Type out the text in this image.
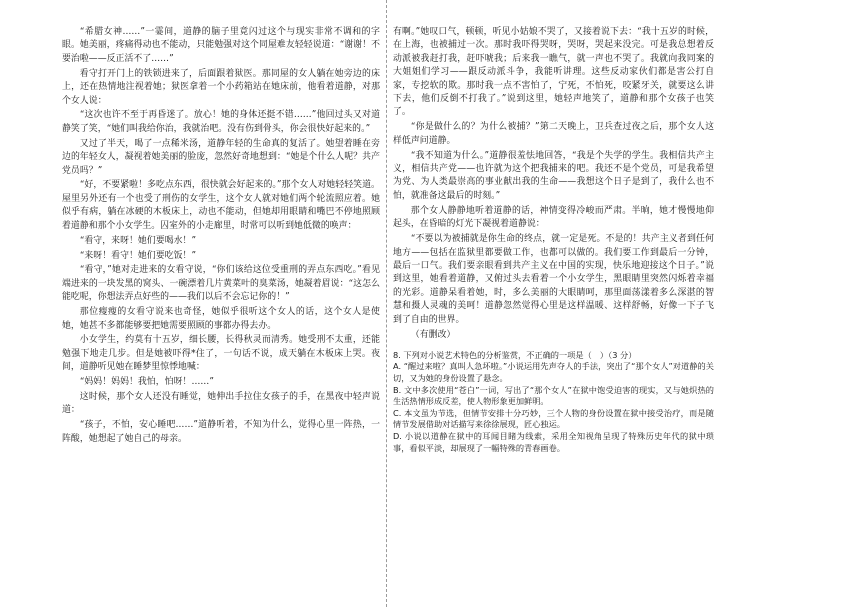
“希腊女神……”一霎间，道静的脑子里竟闪过这个与现实非常不调和的字眼。她美丽，疼痛得动也不能动，只能勉强对这个同屋难友轻轻说道：“谢谢！不要治啦——反正活不了……”

看守打开门上的铁锁进来了，后面跟着狱医。那同屋的女人躺在她旁边的床上，还在热情地注视着她；狱医拿着一个小药箱站在她床前，他看着道静，对那个女人说：

“这次也许不至于再昏迷了。放心！她的身体还挺不错……”他回过头又对道静笑了笑，“她们叫我给你治，我就治吧。没有伤到骨头，你会很快好起来的。”

又过了半天，喝了一点稀米汤，道静年轻的生命真的复活了。她望着睡在旁边的年轻女人，凝视着她美丽的脸庞，忽然好奇地想到：“她是个什么人呢？共产党员吗？”

“好，不要紧啦！多吃点东西，很快就会好起来的。”那个女人对她轻轻笑道。屋里另外还有一个也受了刑伤的女学生，这个女人就对她们两个轮流照应着。她似乎有病，躺在冰硬的木板床上，动也不能动，但她却用眼睛和嘴巴不停地照顾着道静和那个小女学生。囚室外的小走廊里，时常可以听到她低微的唤声：

“看守，来呀！她们要喝水！”

“来呀！看守！她们要吃饭！”

“看守，”她对走进来的女看守说，“你们该给这位受重刑的弄点东西吃。”看见端进来的一块发黑的窝头、一碗漂着几片黄菜叶的臭菜汤，她凝着眉说：“这怎么能吃呢，你想法弄点好些的——我们以后不会忘记你的！”

那位瘦瘦的女看守说来也奇怪，她似乎很听这个女人的话，这个女人是使她，她甚不多都能够要把她需要照顾的事都办得去办。

小女学生，约莫有十五岁，细长腰，长得秋灵而清秀。她受刑不太重，还能勉强下地走几步。但是她被吓得*住了，一句话不说，成天躺在木板床上哭。夜间，道静听见她在睡梦里惊悸地喊：

“妈妈！妈妈！我怕，怕呀！……”

这时候，那个女人还没有睡觉，她伸出手拉住女孩子的手，在黑夜中轻声说道：

“孩子，不怕，安心睡吧……”道静听着，不知为什么，觉得心里一阵热，一阵酸，她想起了她自己的母亲。

有啊。”她叹口气，顿顿，听见小姑娘不哭了，又接着说下去：“我十五岁的时候，在上海，也被捕过一次。那时我吓得哭呀，哭呀，哭起来没完。可是我总想着反动派被我赶打我，赶吓唬我；后来我一瞧气，就一声也不哭了。我就向我同案的大姐姐们学习——跟反动派斗争，我能听讲理。这些反动家伙们都是害公打自家，专挖软的欺。那时我一点不害怕了，宁死，不怕死，咬紧牙关，就要这么讲下去，他们反倒不打我了。”说到这里，她轻声地笑了，道静和那个女孩子也笑了。

“你是做什么的？为什么被捕？”第二天晚上，卫兵查过夜之后，那个女人这样低声问道静。

“我不知道为什么。”道静很羞怯地回答，“我是个失学的学生。我相信共产主义，相信共产党——也许就为这个把我捕来的吧。我还不是个党员，可是我希望为党、为人类最崇高的事业献出我的生命——我想这个日子是到了，我什么也不怕，就准备这最后的时刻。”

那个女人静静地听着道静的话，神情变得冷峻而严肃。半晌，她才慢慢地仰起头，在昏暗的灯光下凝视着道静说：

“不要以为被捕就是你生命的终点，就一定是死。不是的！共产主义者到任何地方——包括在监狱里都要做工作，也都可以做的。我们要工作到最后一分钟，最后一口气。我们要亲眼看到共产主义在中国的实现，快乐地迎接这个日子。”说到这里，她看着道静，又俯过头去看着一个小女学生，黑眼睛里突然闪烁着幸福的光彩。道静呆看着她，时，多么美丽的大眼睛呵，那里面荡漾着多么深湛的智慧和摄人灵魂的美呵！道静忽然觉得心里是这样温暖、这样舒畅，好像一下子飞到了自由的世界。

（有删改）

8. 下列对小说艺术特色的分析鉴赏，不正确的一项是（　）（3 分）

A. “醒过来啦？真叫人急坏啦。”小说运用先声夺人的手法，突出了“那个女人”对道静的关切，又为她的身份设置了悬念。

B. 文中多次使用“苍白”一词，写出了“那个女人”在狱中饱受迫害的现实，又与她炽热的生活热情形成反差，使人物形象更加鲜明。

C. 本文虽为节选，但情节安排十分巧妙，三个人物的身份设置在狱中接受治疗，而是随情节发展借助对话描写来徐徐展现，匠心独运。

D. 小说以道静在狱中的耳闻目睹为线索，采用全知视角呈现了特殊历史年代的狱中琐事，看似平淡，却展现了一幅特殊的青春画卷。
